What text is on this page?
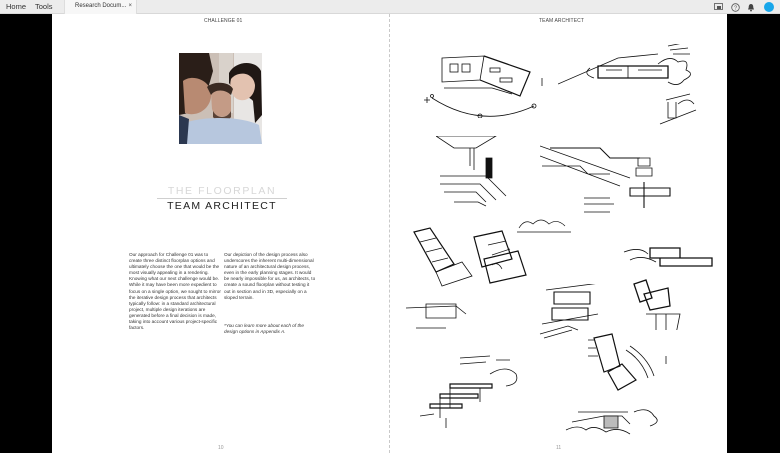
Home Tools	Research Docum... ×	?
CHALLENGE 01
THE FLOORPLAN
TEAM ARCHITECT

Our approach for Challenge 01 was to create three distinct floorplan options and ultimately choose the one that would be the most visually appealing in a rendering. Knowing what our next challenge would be. While it may have been more expedient to focus on a single option, we sought to mirror the iterative design process that architects typically follow: in a standard architectural project, multiple design iterations are generated before a final decision is made, taking into account various project-specific factors.

Our depiction of the design process also underscores the inherent multi-dimensional nature of an architectural design process, even in the early planning stages. It would be nearly impossible for us, as architects, to create a sound floorplan without testing it out in section and in 3D, especially on a sloped terrain.

*You can learn more about each of the design options in Appendix A.

10
TEAM ARCHITECT
11
